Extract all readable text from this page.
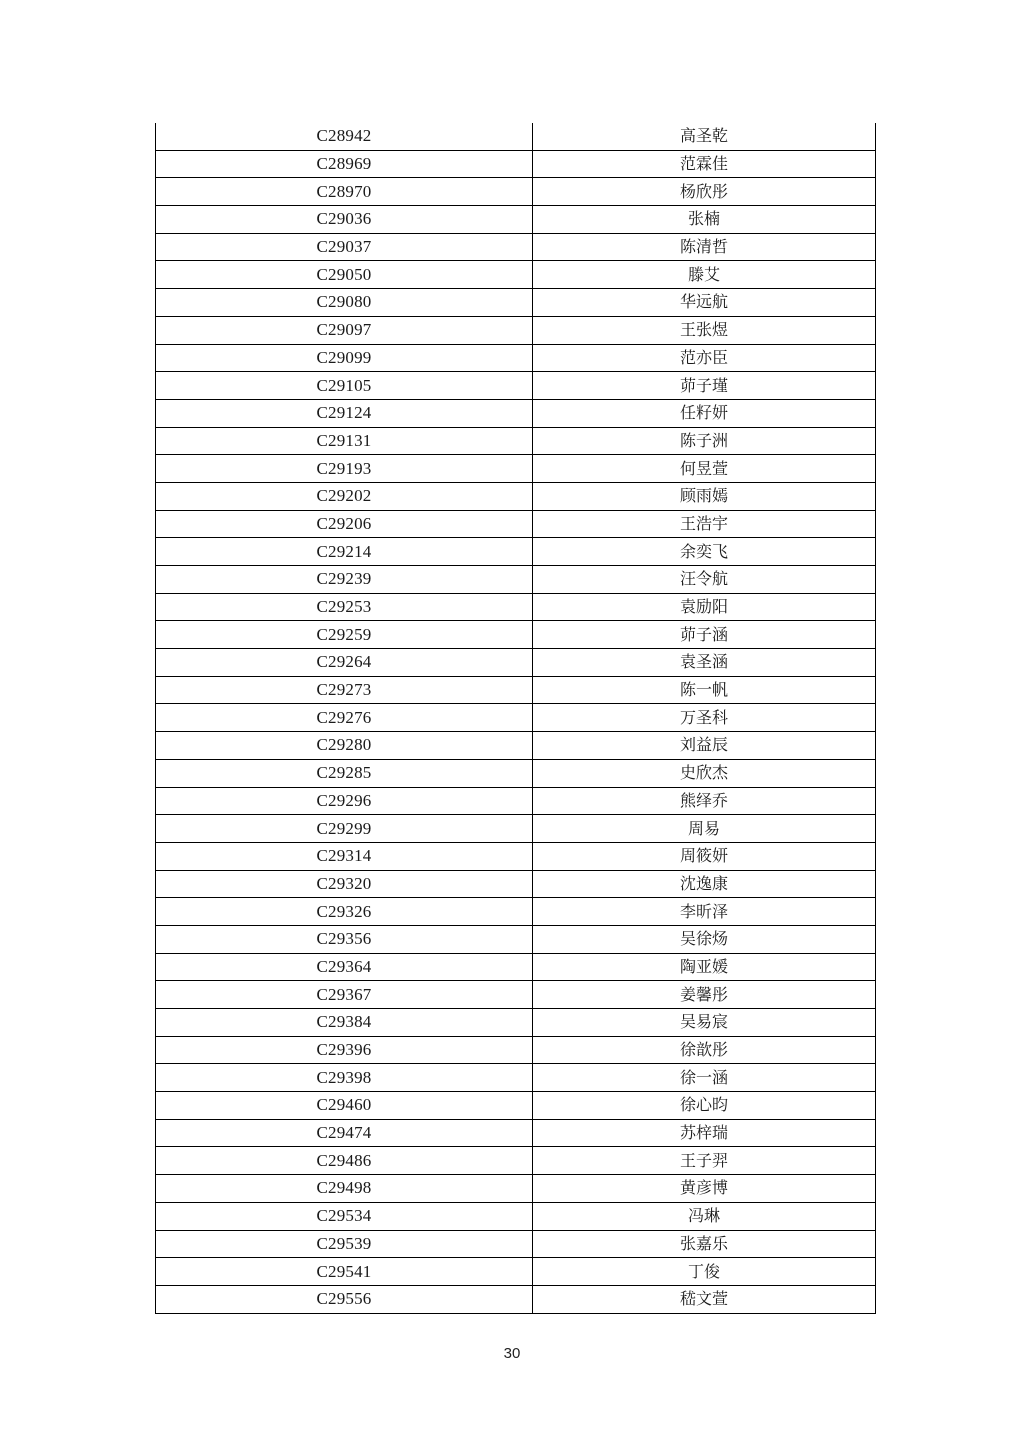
C28942	高圣乾
C28969	范霖佳
C28970	杨欣彤
C29036	张楠
C29037	陈清哲
C29050	滕艾
C29080	华远航
C29097	王张煜
C29099	范亦臣
C29105	茆子瑾
C29124	任籽妍
C29131	陈子洲
C29193	何昱萱
C29202	顾雨嫣
C29206	王浩宇
C29214	余奕飞
C29239	汪令航
C29253	袁励阳
C29259	茆子涵
C29264	袁圣涵
C29273	陈一帆
C29276	万圣科
C29280	刘益辰
C29285	史欣杰
C29296	熊绎乔
C29299	周易
C29314	周筱妍
C29320	沈逸康
C29326	李昕泽
C29356	吴徐炀
C29364	陶亚媛
C29367	姜馨彤
C29384	吴易宸
C29396	徐歆彤
C29398	徐一涵
C29460	徐心昀
C29474	苏梓瑞
C29486	王子羿
C29498	黄彦博
C29534	冯琳
C29539	张嘉乐
C29541	丁俊
C29556	嵇文萱
30
